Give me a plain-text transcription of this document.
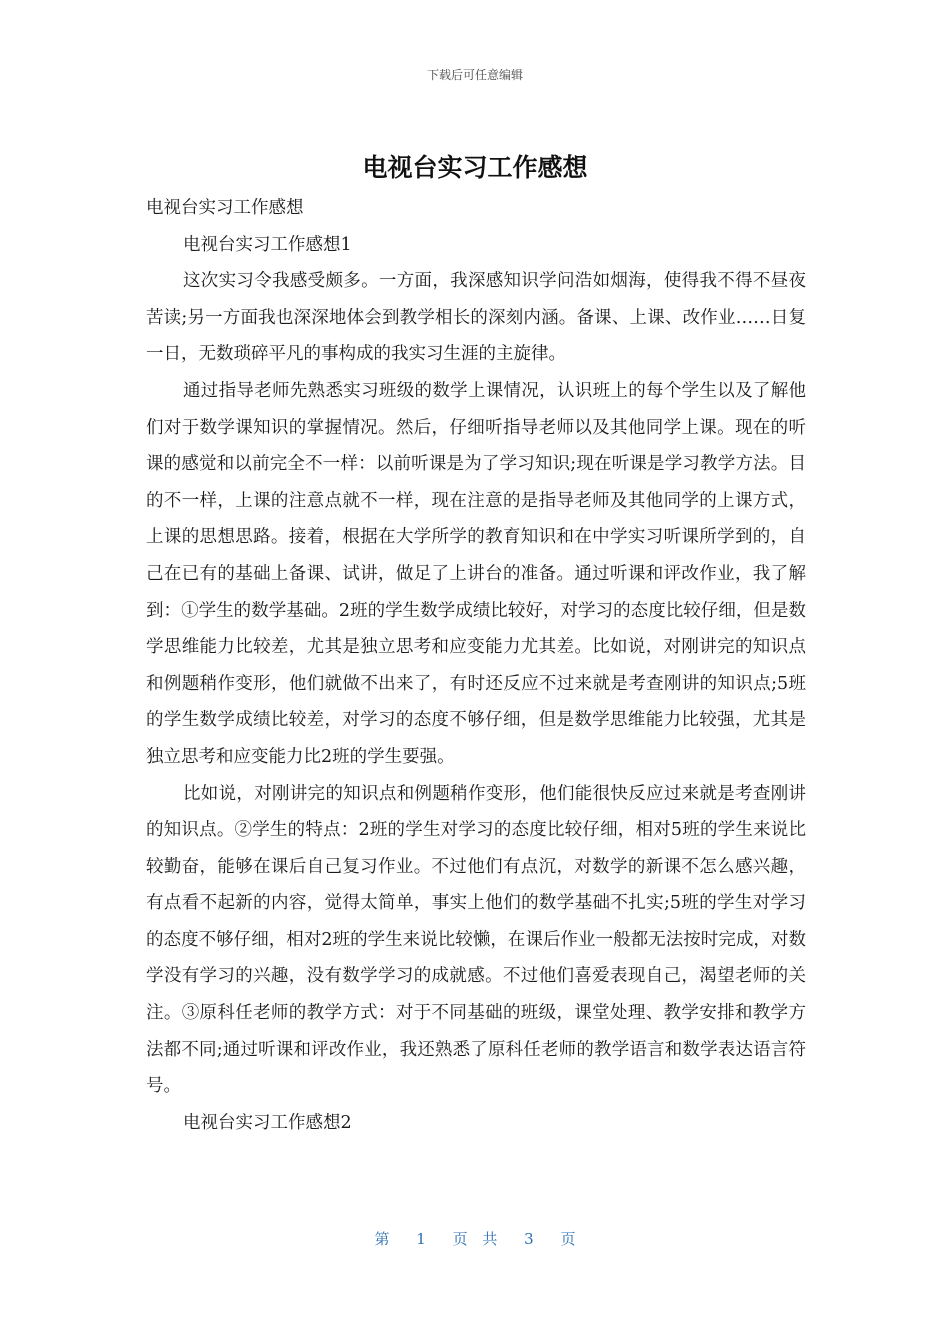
下载后可任意编辑
电视台实习工作感想

电视台实习工作感想

电视台实习工作感想1

这次实习令我感受颇多。一方面，我深感知识学问浩如烟海，使得我不得不昼夜苦读;另一方面我也深深地体会到教学相长的深刻内涵。备课、上课、改作业……日复一日，无数琐碎平凡的事构成的我实习生涯的主旋律。

通过指导老师先熟悉实习班级的数学上课情况，认识班上的每个学生以及了解他们对于数学课知识的掌握情况。然后，仔细听指导老师以及其他同学上课。现在的听课的感觉和以前完全不一样：以前听课是为了学习知识;现在听课是学习教学方法。目的不一样，上课的注意点就不一样，现在注意的是指导老师及其他同学的上课方式，上课的思想思路。接着，根据在大学所学的教育知识和在中学实习听课所学到的，自己在已有的基础上备课、试讲，做足了上讲台的准备。通过听课和评改作业，我了解到：①学生的数学基础。2班的学生数学成绩比较好，对学习的态度比较仔细，但是数学思维能力比较差，尤其是独立思考和应变能力尤其差。比如说，对刚讲完的知识点和例题稍作变形，他们就做不出来了，有时还反应不过来就是考查刚讲的知识点;5班的学生数学成绩比较差，对学习的态度不够仔细，但是数学思维能力比较强，尤其是独立思考和应变能力比2班的学生要强。

比如说，对刚讲完的知识点和例题稍作变形，他们能很快反应过来就是考查刚讲的知识点。②学生的特点：2班的学生对学习的态度比较仔细，相对5班的学生来说比较勤奋，能够在课后自己复习作业。不过他们有点沉，对数学的新课不怎么感兴趣，有点看不起新的内容，觉得太简单，事实上他们的数学基础不扎实;5班的学生对学习的态度不够仔细，相对2班的学生来说比较懒，在课后作业一般都无法按时完成，对数学没有学习的兴趣，没有数学学习的成就感。不过他们喜爱表现自己，渴望老师的关注。③原科任老师的教学方式：对于不同基础的班级，课堂处理、教学安排和教学方法都不同;通过听课和评改作业，我还熟悉了原科任老师的教学语言和数学表达语言符号。

电视台实习工作感想2

第 1 页 共 3 页
